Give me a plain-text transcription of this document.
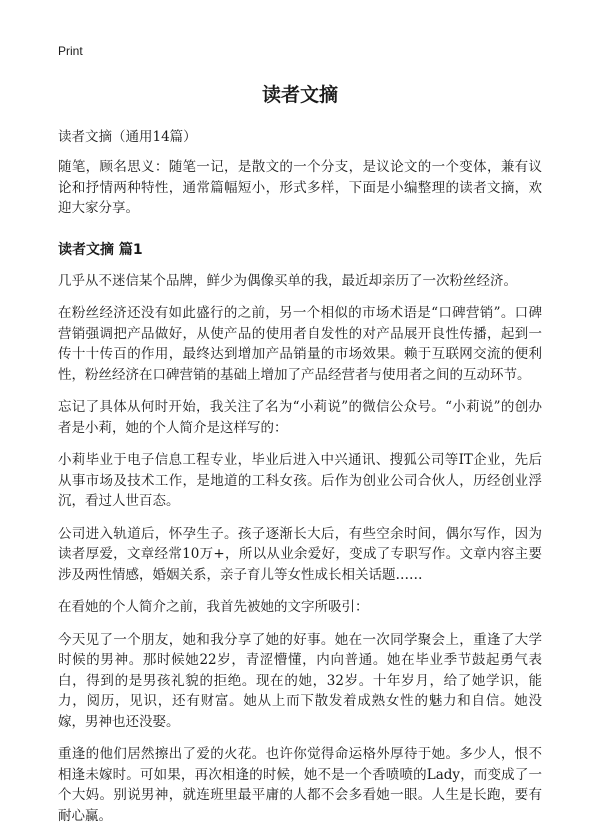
Print
读者文摘
读者文摘（通用14篇）

随笔，顾名思义：随笔一记，是散文的一个分支，是议论文的一个变体，兼有议论和抒情两种特性，通常篇幅短小，形式多样，下面是小编整理的读者文摘，欢迎大家分享。

读者文摘 篇1

几乎从不迷信某个品牌，鲜少为偶像买单的我，最近却亲历了一次粉丝经济。

在粉丝经济还没有如此盛行的之前，另一个相似的市场术语是“口碑营销”。口碑营销强调把产品做好，从使产品的使用者自发性的对产品展开良性传播，起到一传十十传百的作用，最终达到增加产品销量的市场效果。赖于互联网交流的便利性，粉丝经济在口碑营销的基础上增加了产品经营者与使用者之间的互动环节。

忘记了具体从何时开始，我关注了名为“小莉说”的微信公众号。“小莉说”的创办者是小莉，她的个人简介是这样写的：

小莉毕业于电子信息工程专业，毕业后进入中兴通讯、搜狐公司等IT企业，先后从事市场及技术工作，是地道的工科女孩。后作为创业公司合伙人，历经创业浮沉，看过人世百态。

公司进入轨道后，怀孕生子。孩子逐渐长大后，有些空余时间，偶尔写作，因为读者厚爱，文章经常10万+，所以从业余爱好，变成了专职写作。文章内容主要涉及两性情感，婚姻关系，亲子育儿等女性成长相关话题……

在看她的个人简介之前，我首先被她的文字所吸引：

今天见了一个朋友，她和我分享了她的好事。她在一次同学聚会上，重逢了大学时候的男神。那时候她22岁，青涩懵懂，内向普通。她在毕业季节鼓起勇气表白，得到的是男孩礼貌的拒绝。现在的她，32岁。十年岁月，给了她学识，能力，阅历，见识，还有财富。她从上而下散发着成熟女性的魅力和自信。她没嫁，男神也还没娶。

重逢的他们居然擦出了爱的火花。也许你觉得命运格外厚待于她。多少人，恨不相逢未嫁时。可如果，再次相逢的时候，她不是一个香喷喷的Lady，而变成了一个大妈。别说男神，就连班里最平庸的人都不会多看她一眼。人生是长跑，要有耐心赢。
